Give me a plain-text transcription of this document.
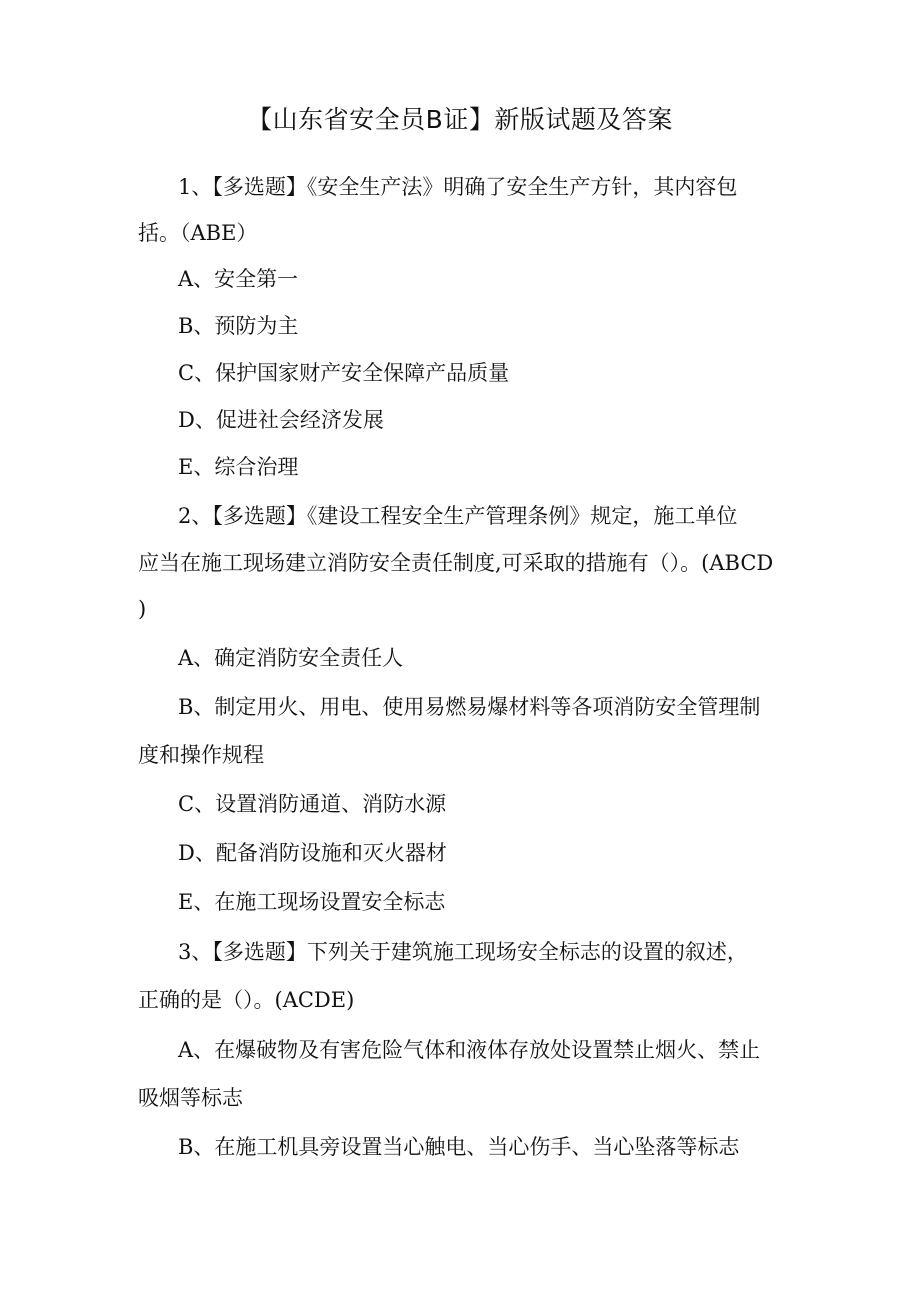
【山东省安全员B证】新版试题及答案
1、【多选题】《安全生产法》明确了安全生产方针，其内容包
括。（ABE）
A、安全第一
B、预防为主
C、保护国家财产安全保障产品质量
D、促进社会经济发展
E、综合治理
2、【多选题】《建设工程安全生产管理条例》规定，施工单位
应当在施工现场建立消防安全责任制度,可采取的措施有（）。(ABCD
)
A、确定消防安全责任人
B、制定用火、用电、使用易燃易爆材料等各项消防安全管理制
度和操作规程
C、设置消防通道、消防水源
D、配备消防设施和灭火器材
E、在施工现场设置安全标志
3、【多选题】下列关于建筑施工现场安全标志的设置的叙述，
正确的是（）。(ACDE)
A、在爆破物及有害危险气体和液体存放处设置禁止烟火、禁止
吸烟等标志
B、在施工机具旁设置当心触电、当心伤手、当心坠落等标志
